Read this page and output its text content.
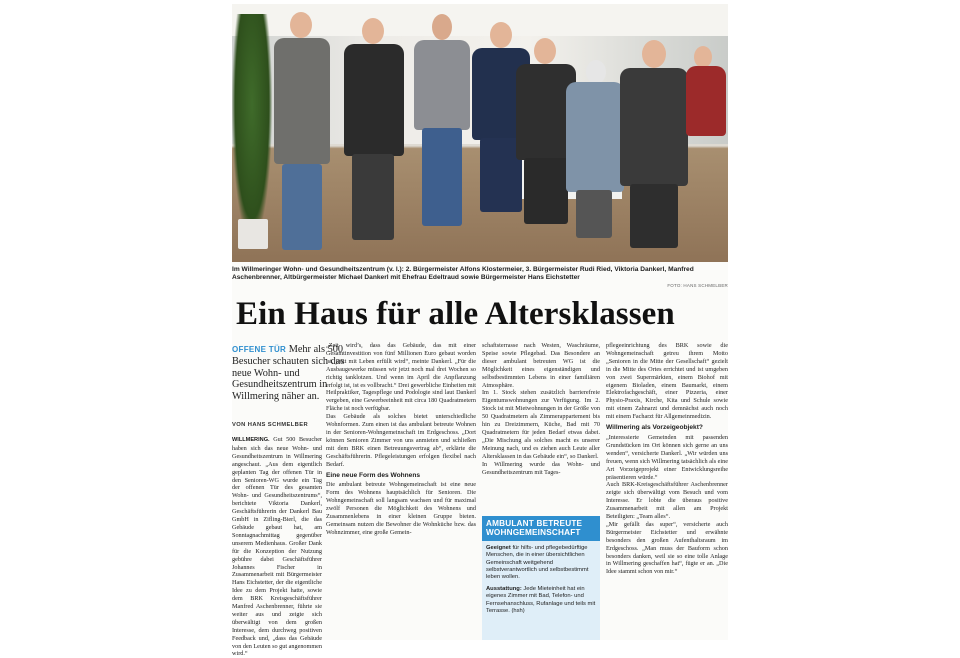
Im Willmeringer Wohn- und Gesundheitszentrum (v. l.): 2. Bürgermeister Alfons Klostermeier, 3. Bürgermeister Rudi Ried, Viktoria Dankerl, Manfred Aschenbrenner, Altbürgermeister Michael Dankerl mit Ehefrau Edeltraud sowie Bürgermeister Hans Eichstetter
FOTO: HANS SCHMELBER
Ein Haus für alle Altersklassen
OFFENE TÜR Mehr als 500 Besucher schauten sich das neue Wohn- und Gesundheitszentrum in Willmering näher an.
VON HANS SCHMELBER
WILLMERING. Gut 500 Besucher haben sich das neue Wohn- und Gesundheitszentrum in Willmering angeschaut. „Aus dem eigentlich geplanten Tag der offenen Tür in den Senioren-WG wurde ein Tag der offenen Tür des gesamten Wohn- und Gesundheitszentrums“, berichtete Viktoria Dankerl, Geschäftsführerin der Dankerl Bau GmbH in Zifling-Bierl, die das Gebäude gebaut hat, am Sonntagnachmittag gegenüber unserem Medienhaus. Großer Dank für die Konzeption der Nutzung gebühre dabei Geschäftsführer Johannes Fischer in Zusammenarbeit mit Bürgermeister Hans Eichstetter, der die eigentliche Idee zu dem Projekt hatte, sowie dem BRK Kreisgeschäftsführer Manfred Aschenbrenner, führte sie weiter aus und zeigte sich überwältigt von dem großen Interesse, dem durchweg positiven Feedback und, „dass das Gebäude von den Leuten so gut angenommen wird.“

„Zeit wird’s, dass das Gebäude, das mit einer Gesamtinvestition von fünf Millionen Euro gebaut worden ist, jetzt mit Leben erfüllt wird“, meinte Dankerl. „Für die Ausbaugewerke müssen wir jetzt noch mal drei Wochen so richtig tanklotzen. Und wenn im April die Anpflanzung erfolgt ist, ist es vollbracht.“ Drei gewerbliche Einheiten mit Heilpraktiker, Tagespflege und Podologie sind laut Dankerl vergeben, eine Gewerbeeinheit mit circa 180 Quadratmetern Fläche ist noch verfügbar.

Das Gebäude als solches bietet unterschiedliche Wohnformen. Zum einen ist das ambulant betreute Wohnen in der Senioren-Wohngemeinschaft im Erdgeschoss. „Dort können Senioren Zimmer von uns anmieten und schließen mit dem BRK einen Betreuungsvertrag ab“, erklärte die Geschäftsführerin. Pflegeleistungen erfolgen flexibel nach Bedarf.

Eine neue Form des Wohnens

Die ambulant betreute Wohngemeinschaft ist eine neue Form des Wohnens hauptsächlich für Senioren. Die Wohngemeinschaft soll langsam wachsen und für maximal zwölf Personen die Möglichkeit des Wohnens und Zusammenlebens in einer kleinen Gruppe bieten. Gemeinsam nutzen die Bewohner die Wohnküche bzw. das Wohnzimmer, eine große Gemein-

schaftsterrasse nach Westen, Waschräume, Speise sowie Pflegebad. Das Besondere an dieser ambulant betreuten WG ist die Möglichkeit eines eigenständigen und selbstbestimmten Lebens in einer familiären Atmosphäre.

Im 1. Stock stehen zusätzlich barrierefreie Eigentumswohnungen zur Verfügung. Im 2. Stock ist mit Mietwohnungen in der Größe von 50 Quadratmetern als Zimmerappartement bis hin zu Dreizimmern, Küche, Bad mit 70 Quadratmetern für jeden Bedarf etwas dabei. „Die Mischung als solches macht es unserer Meinung nach, und es ziehen auch Leute aller Altersklassen in das Gebäude ein“, so Dankerl.

In Willmering wurde das Wohn- und Gesundheitszentrum mit Tages-

AMBULANT BETREUTE WOHNGEMEINSCHAFT

Geeignet für hilfs- und pflegebedürftige Menschen, die in einer übersichtlichen Gemeinschaft weitgehend selbstverantwortlich und selbstbestimmt leben wollen.

Ausstattung: Jede Mieteinheit hat ein eigenes Zimmer mit Bad, Telefon- und Fernsehanschluss, Rufanlage und teils mit Terrasse. (hsh)

pflegeeinrichtung des BRK sowie die Wohngemeinschaft getreu ihrem Motto „Senioren in die Mitte der Gesellschaft“ gezielt in die Mitte des Ortes errichtet und ist umgeben von zwei Supermärkten, einem Biohof mit eigenem Bioladen, einem Baumarkt, einem Elektrofachgeschäft, einer Pizzeria, einer Physio-Praxis, Kirche, Kita und Schule sowie mit einem Zahnarzt und demnächst auch noch mit einem Facharzt für Allgemeinmedizin.

Willmering als Vorzeigeobjekt?

„Interessierte Gemeinden mit passenden Grundstücken im Ort können sich gerne an uns wenden“, versicherte Dankerl. „Wir würden uns freuen, wenn sich Willmering tatsächlich als eine Art Vorzeigeprojekt einer Entwicklungsreihe präsentieren würde.“

Auch BRK-Kreisgeschäftsführer Aschenbrenner zeigte sich überwältigt vom Besuch und vom Interesse. Er lobte die überaus positive Zusammenarbeit mit allen am Projekt Beteiligten: „Team alles“.

„Mir gefällt das super“, versicherte auch Bürgermeister Eichstetter und erwähnte besonders den großen Aufenthaltsraum im Erdgeschoss. „Man muss der Bauform schon besonders danken, weil sie so eine tolle Anlage in Willmering geschaffen hat“, fügte er an. „Die Idee stammt schon von mir.“
